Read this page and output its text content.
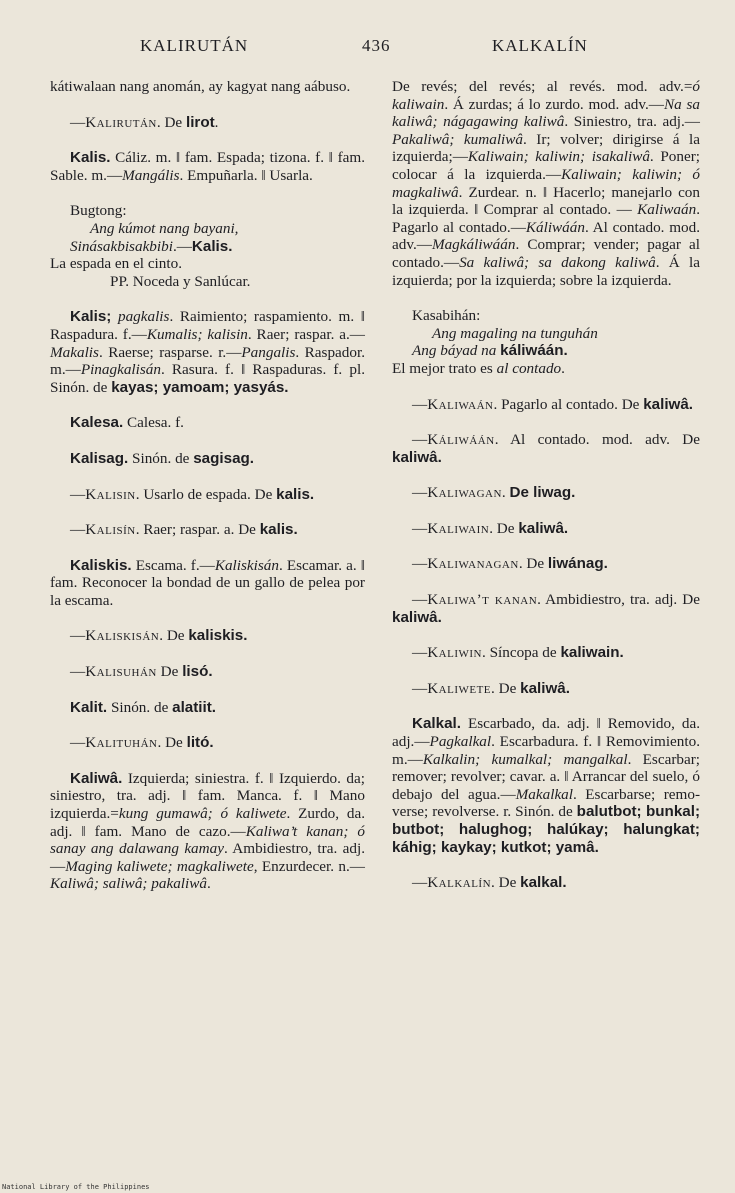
KALIRUTÁN	436	KALKALÍN
kátiwalaan nang anomán, ay kagyat nang aábuso.
—Kalirután. De lirot.
Kalis. Cáliz. m. ‖ fam. Espada; tizona. f. ‖ fam. Sable. m.—Mangális. Empuñarla. ‖ Usarla.
Bugtong:
Ang kúmot nang bayani,
Sinásakbisakbibi.—Kalis.
La espada en el cinto.
PP. Noceda y Sanlúcar.
Kalis; pagkalis. Raimiento; raspamiento. m. ‖ Raspadura. f.—Kumalis; kalisin. Raer; raspar. a.—Makalis. Raerse; rasparse. r.—Pangalis. Raspador. m.—Pinagkalisán. Rasura. f. ‖ Raspaduras. f. pl. Sinón. de kayas; yamoam; yasyás.
Kalesa. Calesa. f.
Kalisag. Sinón. de sagisag.
—Kalisin. Usarlo de espada. De kalis.
—Kalisín. Raer; raspar. a. De kalis.
Kaliskis. Escama. f.—Kaliskisán. Escamar. a. ‖ fam. Reconocer la bondad de un gallo de pelea por la escama.
—Kaliskisán. De kaliskis.
—Kalisuhán De lisó.
Kalit. Sinón. de alatiit.
—Kalituhán. De litó.
Kaliwâ. Izquierda; siniestra. f. ‖ Izquierdo. da; siniestro, tra. adj. ‖ fam. Manca. f. ‖ Mano izquierda.=kung gumawâ; ó kaliwete. Zurdo, da. adj. ‖ fam. Mano de cazo.—Kaliwa’t kanan; ó sanay ang dalawang kamay. Ambidiestro, tra. adj.—Maging kaliwete; magkaliwete, Enzurdecer. n.—Kaliwâ; saliwâ; pakaliwâ.
De revés; del revés; al revés. mod. adv.=ó kaliwain. Á zurdas; á lo zurdo. mod. adv.—Na sa kaliwâ; nágagawing kaliwâ. Siniestro, tra. adj.—Pakaliwâ; kumaliwâ. Ir; volver; dirigirse á la izquierda;—Kaliwain; kaliwin; isakaliwâ. Poner; colocar á la izquierda.—Kaliwain; kaliwin; ó magkaliwâ. Zurdear. n. ‖ Hacerlo; manejarlo con la izquierda. ‖ Comprar al contado. — Kaliwaán. Pagarlo al contado.—Káliwáán. Al contado. mod. adv.—Magkáliwáán. Comprar; vender; pagar al contado.—Sa kaliwâ; sa dakong kaliwâ. Á la izquierda; por la izquierda; sobre la izquierda.
Kasabihán:
Ang magaling na tunguhán
Ang báyad na káliwáán.
El mejor trato es al contado.
—Kaliwaán. Pagarlo al contado. De kaliwâ.
—Káliwáán. Al contado. mod. adv. De kaliwâ.
—Kaliwagan. De liwag.
—Kaliwain. De kaliwâ.
—Kaliwanagan. De liwánag.
—Kaliwa’t kanan. Ambidiestro, tra. adj. De kaliwâ.
—Kaliwin. Síncopa de kaliwain.
—Kaliwete. De kaliwâ.
Kalkal. Escarbado, da. adj. ‖ Removido, da. adj.—Pagkalkal. Escarbadura. f. ‖ Removimiento. m.—Kalkalin; kumalkal; mangalkal. Escarbar; remover; revolver; cavar. a. ‖ Arrancar del suelo, ó debajo del agua.—Makalkal. Escarbarse; removerse; revolverse. r. Sinón. de balutbot; bunkal; butbot; halughog; halúkay; halungkat; káhig; kaykay; kutkot; yamâ.
—Kalkalín. De kalkal.
National Library of the Philippines
